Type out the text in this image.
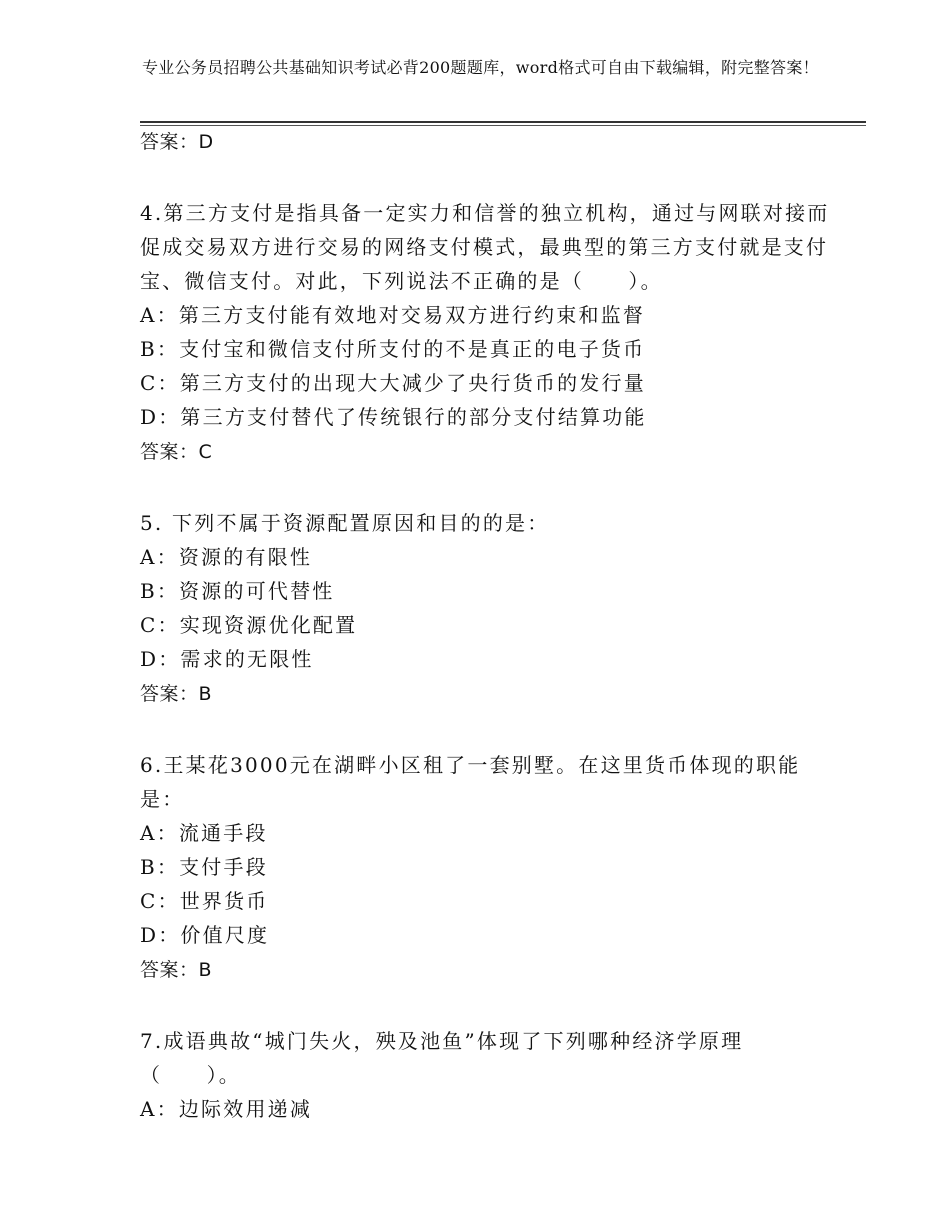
专业公务员招聘公共基础知识考试必背200题题库，word格式可自由下载编辑，附完整答案！
答案：D
4.第三方支付是指具备一定实力和信誉的独立机构，通过与网联对接而促成交易双方进行交易的网络支付模式，最典型的第三方支付就是支付宝、微信支付。对此，下列说法不正确的是（　　）。
A：第三方支付能有效地对交易双方进行约束和监督
B：支付宝和微信支付所支付的不是真正的电子货币
C：第三方支付的出现大大减少了央行货币的发行量
D：第三方支付替代了传统银行的部分支付结算功能
答案：C
5. 下列不属于资源配置原因和目的的是：
A：资源的有限性
B：资源的可代替性
C：实现资源优化配置
D：需求的无限性
答案：B
6.王某花3000元在湖畔小区租了一套别墅。在这里货币体现的职能是：
A：流通手段
B：支付手段
C：世界货币
D：价值尺度
答案：B
7.成语典故“城门失火，殃及池鱼”体现了下列哪种经济学原理（　　）。
A：边际效用递减
